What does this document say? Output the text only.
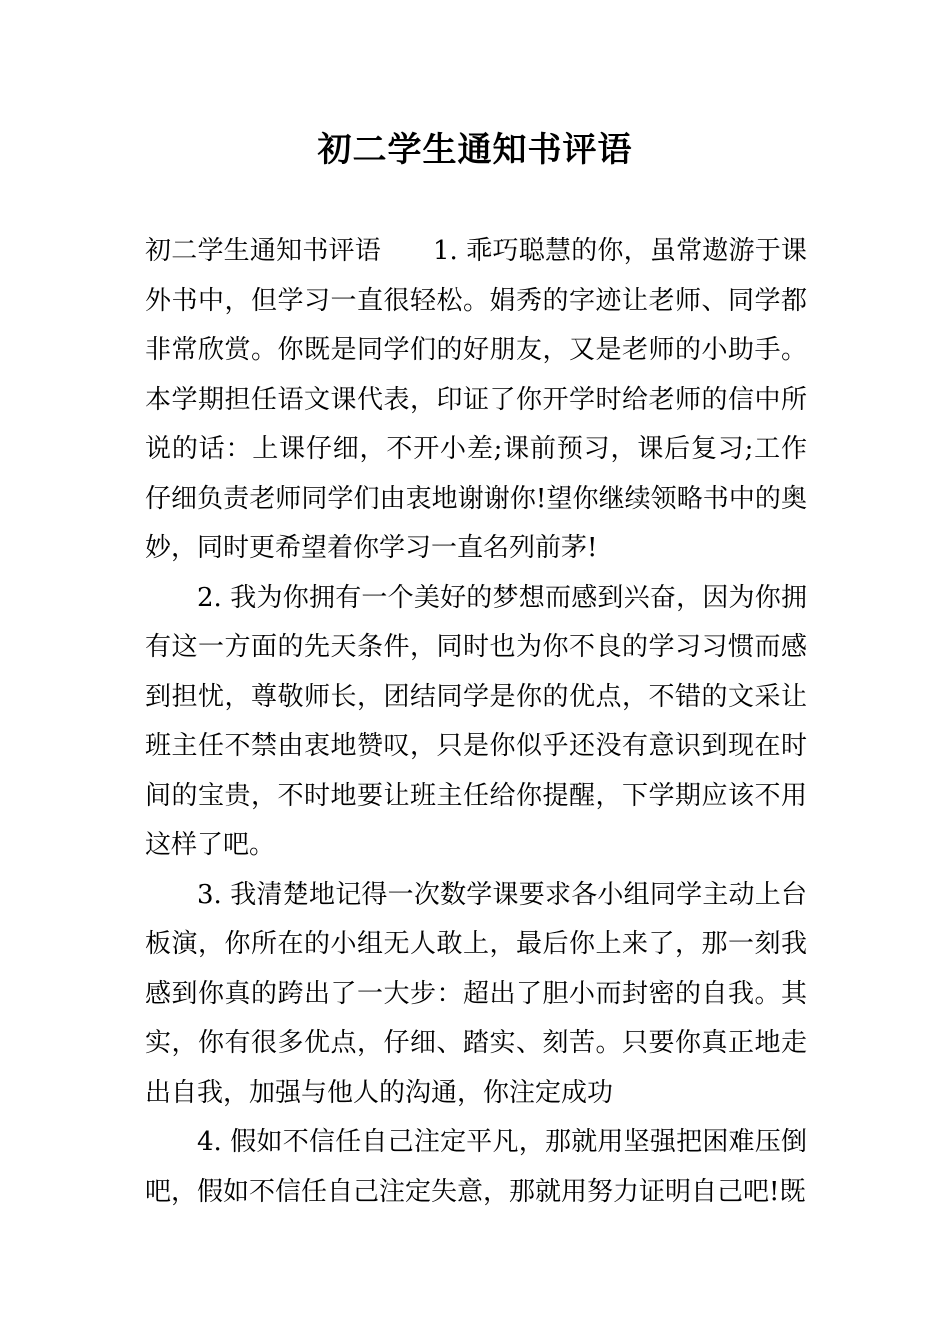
初二学生通知书评语

初二学生通知书评语 1. 乖巧聪慧的你，虽常遨游于课外书中，但学习一直很轻松。娟秀的字迹让老师、同学都非常欣赏。你既是同学们的好朋友，又是老师的小助手。本学期担任语文课代表，印证了你开学时给老师的信中所说的话：上课仔细，不开小差;课前预习，课后复习;工作仔细负责老师同学们由衷地谢谢你!望你继续领略书中的奥妙，同时更希望着你学习一直名列前茅!

2. 我为你拥有一个美好的梦想而感到兴奋，因为你拥有这一方面的先天条件，同时也为你不良的学习习惯而感到担忧，尊敬师长，团结同学是你的优点，不错的文采让班主任不禁由衷地赞叹，只是你似乎还没有意识到现在时间的宝贵，不时地要让班主任给你提醒，下学期应该不用这样了吧。

3. 我清楚地记得一次数学课要求各小组同学主动上台板演，你所在的小组无人敢上，最后你上来了，那一刻我感到你真的跨出了一大步：超出了胆小而封密的自我。其实，你有很多优点，仔细、踏实、刻苦。只要你真正地走出自我，加强与他人的沟通，你注定成功

4. 假如不信任自己注定平凡，那就用坚强把困难压倒吧，假如不信任自己注定失意，那就用努力证明自己吧!既
